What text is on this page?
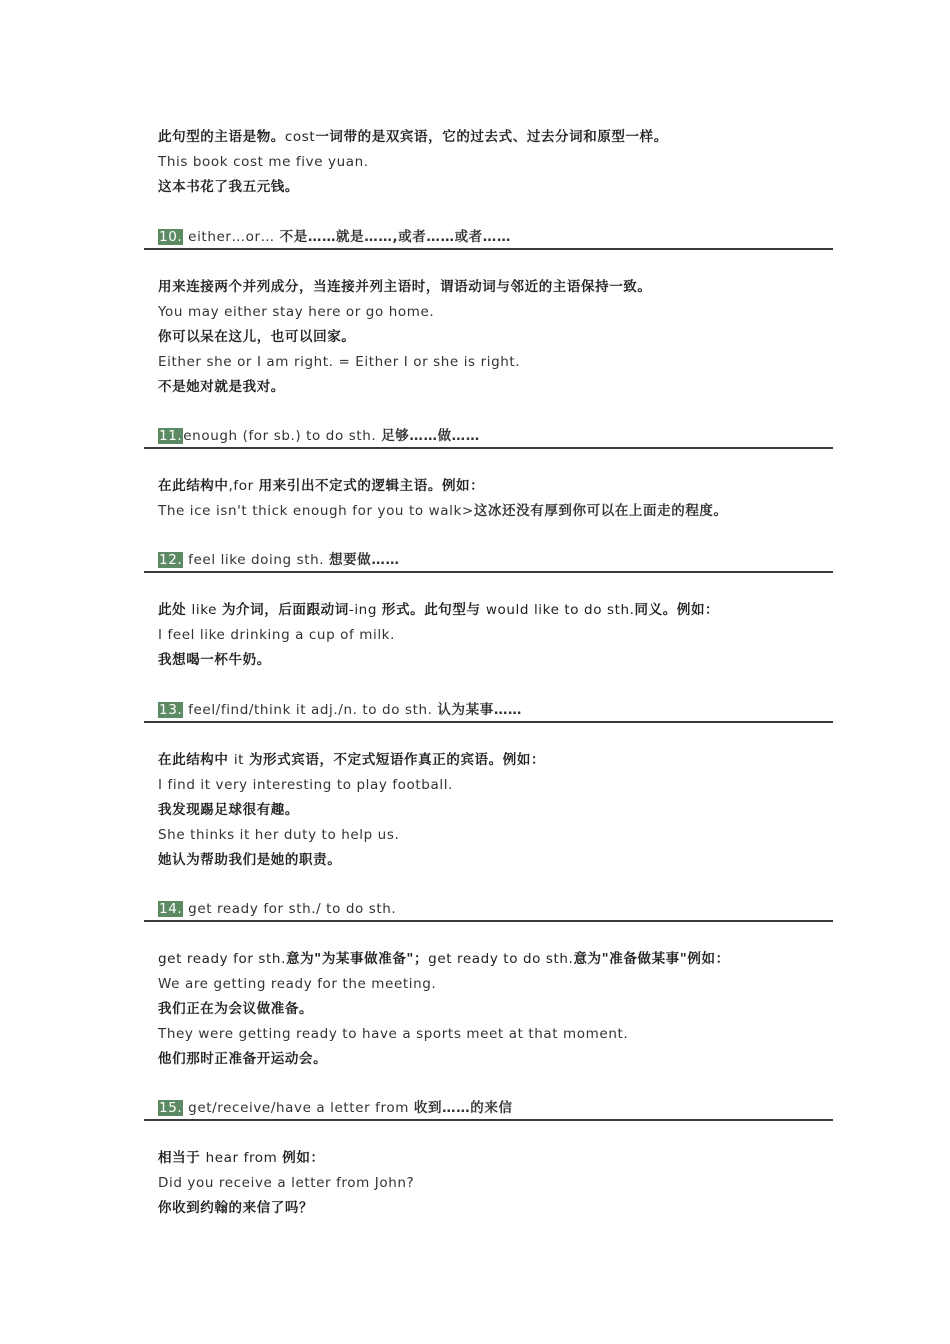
此句型的主语是物。cost一词带的是双宾语，它的过去式、过去分词和原型一样。
This book cost me five yuan.
这本书花了我五元钱。
10. either…or… 不是……就是……,或者……或者……
用来连接两个并列成分，当连接并列主语时，谓语动词与邻近的主语保持一致。
You may either stay here or go home.
你可以呆在这儿，也可以回家。
Either she or I am right. = Either I or she is right.
不是她对就是我对。
11.enough (for sb.) to do sth. 足够……做……
在此结构中,for 用来引出不定式的逻辑主语。例如：
The ice isn't thick enough for you to walk>这冰还没有厚到你可以在上面走的程度。
12. feel like doing sth. 想要做……
此处 like 为介词，后面跟动词-ing 形式。此句型与 would like to do sth.同义。例如：
I feel like drinking a cup of milk.
我想喝一杯牛奶。
13. feel/find/think it adj./n. to do sth. 认为某事……
在此结构中 it 为形式宾语，不定式短语作真正的宾语。例如：
I find it very interesting to play football.
我发现踢足球很有趣。
She thinks it her duty to help us.
她认为帮助我们是她的职责。
14. get ready for sth./ to do sth.
get ready for sth.意为"为某事做准备"；get ready to do sth.意为"准备做某事"例如：
We are getting ready for the meeting.
我们正在为会议做准备。
They were getting ready to have a sports meet at that moment.
他们那时正准备开运动会。
15. get/receive/have a letter from 收到……的来信
相当于 hear from 例如：
Did you receive a letter from John?
你收到约翰的来信了吗？
